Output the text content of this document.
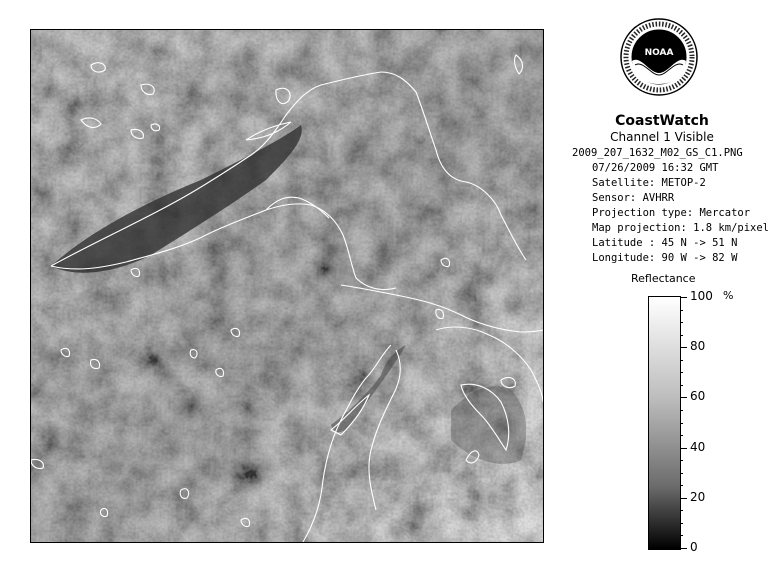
NOAA
CoastWatch
Channel 1 Visible
2009_207_1632_M02_GS_C1.PNG
07/26/2009 16:32 GMT
Satellite: METOP-2
Sensor: AVHRR
Projection type: Mercator
Map projection: 1.8 km/pixel
Latitude : 45 N -> 51 N
Longitude: 90 W -> 82 W
Reflectance
100
80
60
40
20
0
%
